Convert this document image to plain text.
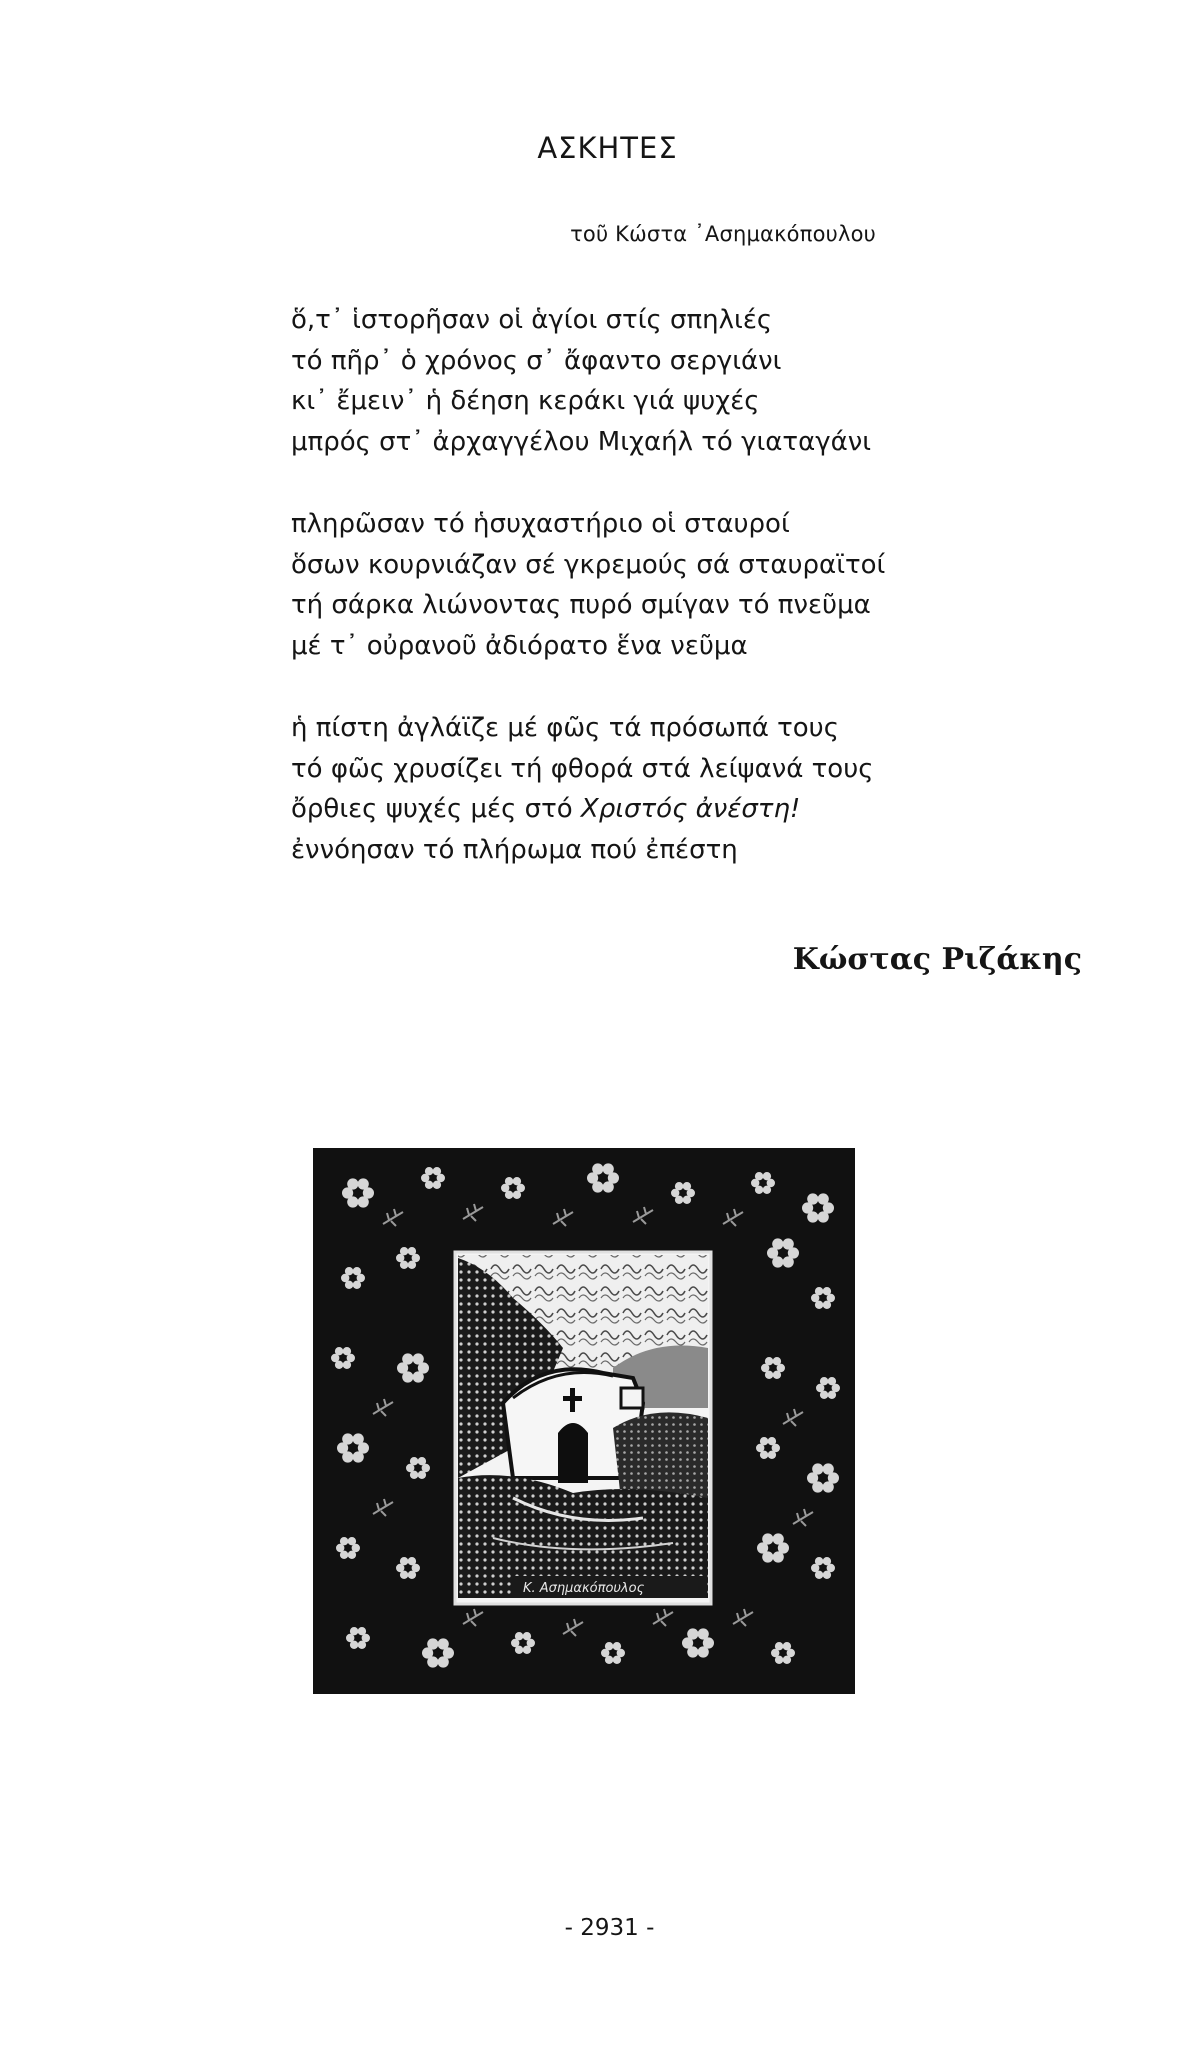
ΑΣΚΗΤΕΣ
τοῦ Κώστα ᾿Ασημακόπουλου
ὅ,τ᾿ ἱστορῆσαν οἱ ἁγίοι στίς σπηλιές
τό πῆρ᾿ ὁ χρόνος σ᾿ ἄφαντο σεργιάνι
κι᾿ ἔμειν᾿ ἡ δέηση κεράκι γιά ψυχές
μπρός στ᾿ ἀρχαγγέλου Μιχαήλ τό γιαταγάνι
πληρῶσαν τό ἡσυχαστήριο οἱ σταυροί
ὅσων κουρνιάζαν σέ γκρεμούς σά σταυραϊτοί
τή σάρκα λιώνοντας πυρό σμίγαν τό πνεῦμα
μέ τ᾿ οὐρανοῦ ἀδιόρατο ἕνα νεῦμα
ἡ πίστη ἀγλάϊζε μέ φῶς τά πρόσωπά τους
τό φῶς χρυσίζει τή φθορά στά λείψανά τους
ὄρθιες ψυχές μές στό Χριστός ἀνέστη!
ἐννόησαν τό πλήρωμα πού ἐπέστη
Κώστας Ριζάκης
Κ. Ασημακόπουλος
- 2931 -
